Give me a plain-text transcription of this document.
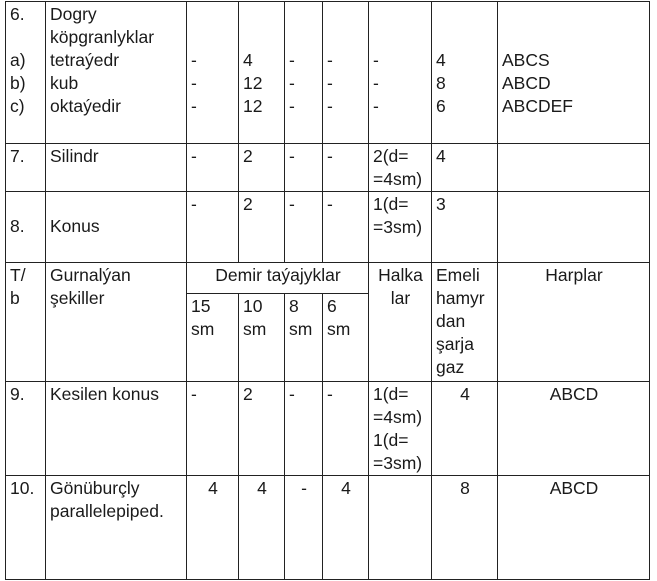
6.
a)
b)
c)	Dogry
köpgranlyklar
tetraýedr
kub
oktaýedir	-
-
-	4
12
12	-
-
-	-
-
-	-
-
-	4
8
6	ABCS
ABCD
ABCDEF

7.	Silindr	-	2	-	-	2(d=
=4sm)	4	

8.	Konus	-	2	-	-	1(d=
=3sm)	3	

T/
b	Gurnalýan
şekiller	Demir taýajyklar				Halka
lar	Emeli
hamyr
dan
şarja
gaz	Harplar

		15
sm	10
sm	8
sm	6
sm			

9.	Kesilen konus	-	2	-	-	1(d=
=4sm)
1(d=
=3sm)	4	ABCD
10.	Gönüburçly
parallelepiped.	4	4	-	4		8	ABCD
